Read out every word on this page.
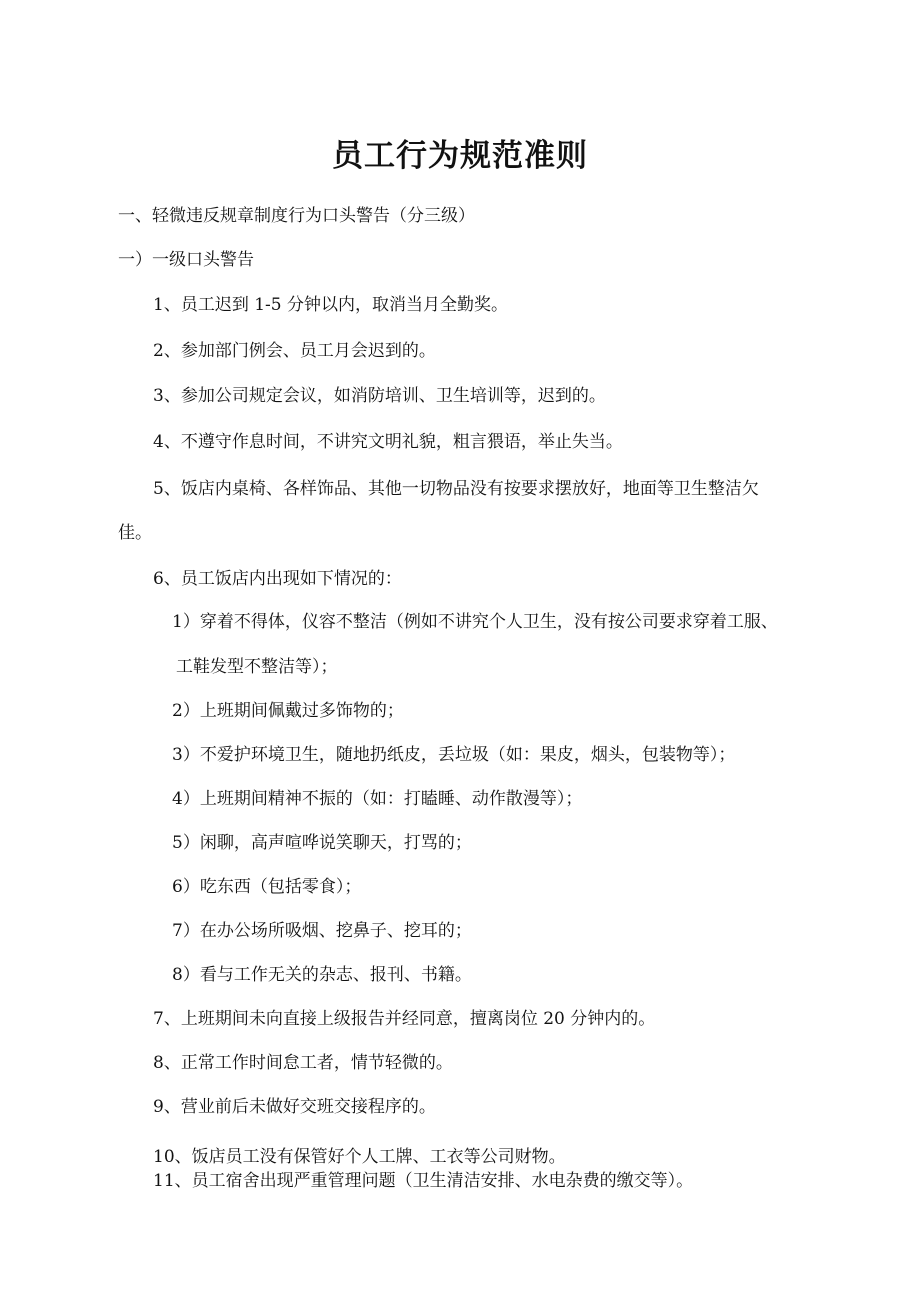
员工行为规范准则
一、轻微违反规章制度行为口头警告（分三级）
一）一级口头警告
1、员工迟到 1-5 分钟以内，取消当月全勤奖。
2、参加部门例会、员工月会迟到的。
3、参加公司规定会议，如消防培训、卫生培训等，迟到的。
4、不遵守作息时间，不讲究文明礼貌，粗言猥语，举止失当。
5、饭店内桌椅、各样饰品、其他一切物品没有按要求摆放好，地面等卫生整洁欠
佳。
6、员工饭店内出现如下情况的：
1）穿着不得体，仪容不整洁（例如不讲究个人卫生，没有按公司要求穿着工服、
工鞋发型不整洁等）；
2）上班期间佩戴过多饰物的；
3）不爱护环境卫生，随地扔纸皮，丢垃圾（如：果皮，烟头，包装物等）；
4）上班期间精神不振的（如：打瞌睡、动作散漫等）；
5）闲聊，高声喧哗说笑聊天，打骂的；
6）吃东西（包括零食）；
7）在办公场所吸烟、挖鼻子、挖耳的；
8）看与工作无关的杂志、报刊、书籍。
7、上班期间未向直接上级报告并经同意，擅离岗位 20 分钟内的。
8、正常工作时间怠工者，情节轻微的。
9、营业前后未做好交班交接程序的。
10、饭店员工没有保管好个人工牌、工衣等公司财物。
11、员工宿舍出现严重管理问题（卫生清洁安排、水电杂费的缴交等）。
